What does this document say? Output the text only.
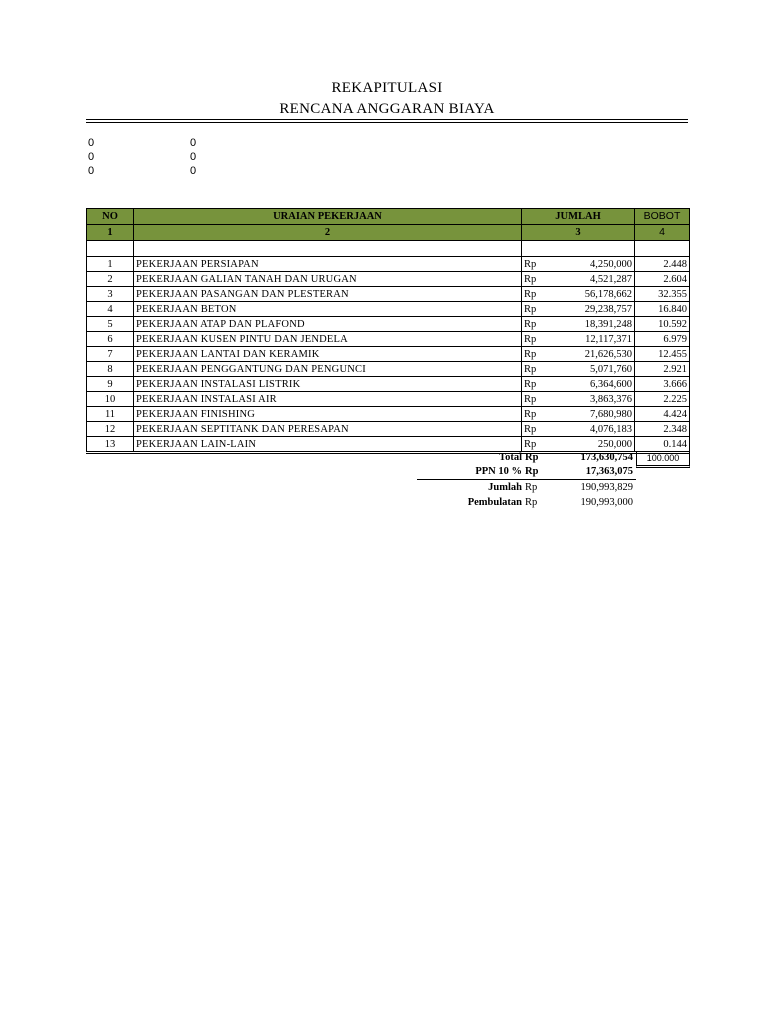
REKAPITULASI
RENCANA ANGGARAN BIAYA
0	0
0	0
0	0
NO	URAIAN PEKERJAAN	JUMLAH		BOBOT
1	2	3		4

1	PEKERJAAN PERSIAPAN	Rp	4,250,000	2.448
2	PEKERJAAN GALIAN TANAH DAN URUGAN	Rp	4,521,287	2.604
3	PEKERJAAN PASANGAN DAN PLESTERAN	Rp	56,178,662	32.355
4	PEKERJAAN BETON	Rp	29,238,757	16.840
5	PEKERJAAN ATAP DAN PLAFOND	Rp	18,391,248	10.592
6	PEKERJAAN KUSEN PINTU DAN JENDELA	Rp	12,117,371	6.979
7	PEKERJAAN LANTAI DAN KERAMIK	Rp	21,626,530	12.455
8	PEKERJAAN PENGGANTUNG DAN PENGUNCI	Rp	5,071,760	2.921
9	PEKERJAAN INSTALASI LISTRIK	Rp	6,364,600	3.666
10	PEKERJAAN INSTALASI AIR	Rp	3,863,376	2.225
11	PEKERJAAN FINISHING	Rp	7,680,980	4.424
12	PEKERJAAN SEPTITANK DAN PERESAPAN	Rp	4,076,183	2.348
13	PEKERJAAN LAIN-LAIN	Rp	250,000	0.144
Total Rp	173,630,754	100.000
PPN 10 % Rp	17,363,075
Jumlah Rp	190,993,829
Pembulatan Rp	190,993,000
